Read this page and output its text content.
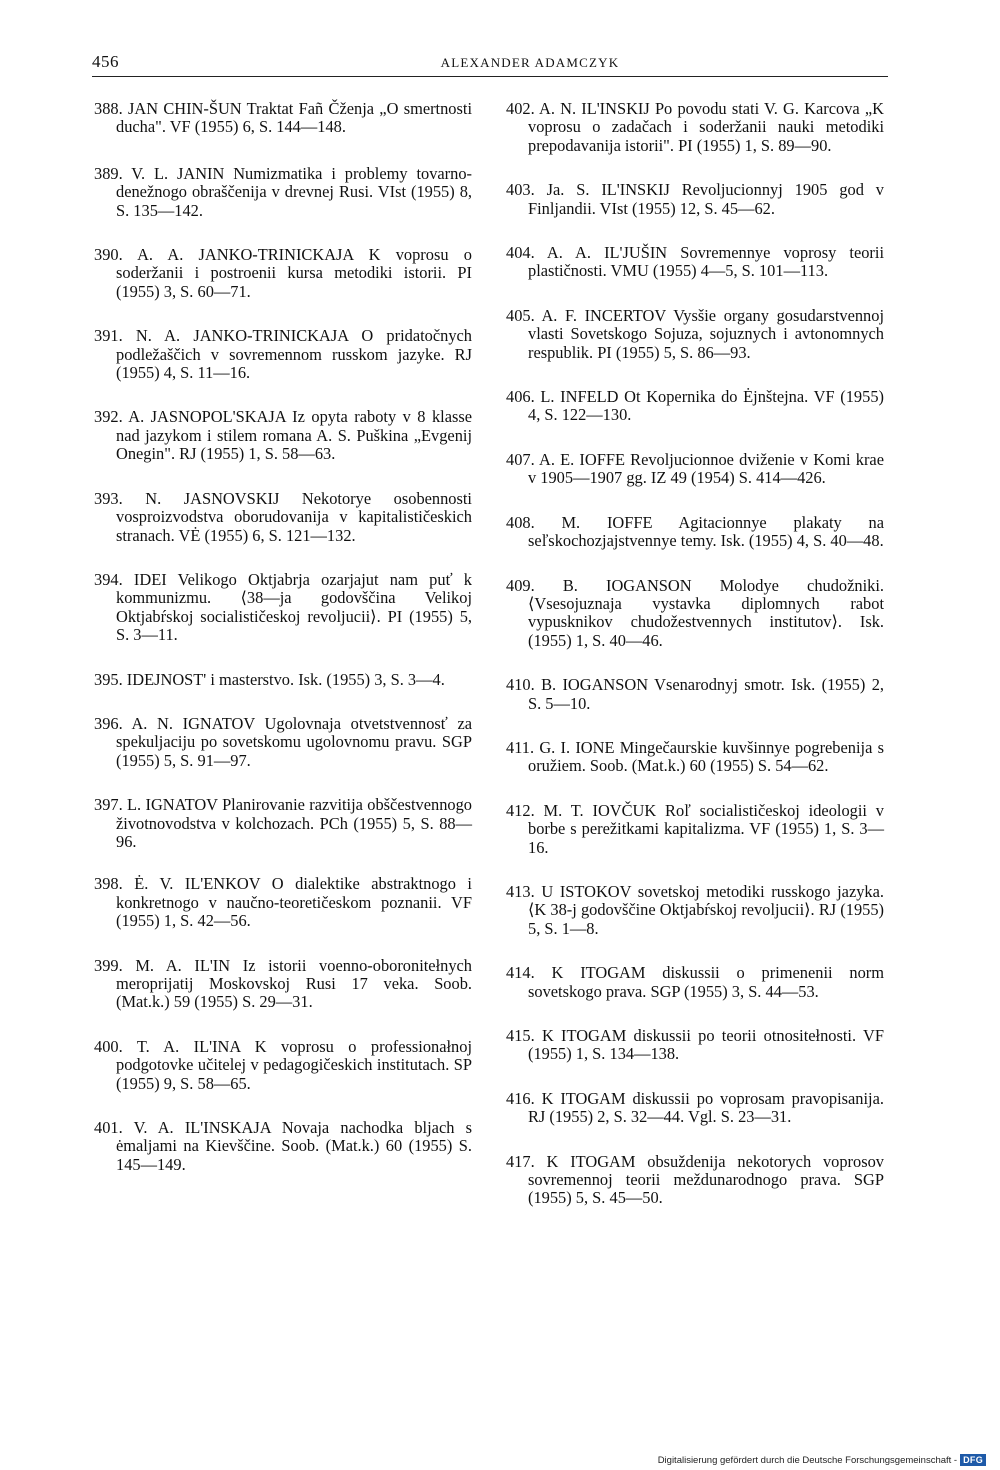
456	ALEXANDER ADAMCZYK

388. JAN CHIN-ŠUN Traktat Fañ Čženja „O smertnosti ducha". VF (1955) 6, S. 144—148.

389. V. L. JANIN Numizmatika i problemy tovarno-denežnogo obraščenija v drevnej Rusi. VIst (1955) 8, S. 135—142.

390. A. A. JANKO-TRINICKAJA K voprosu o soderžanii i postroenii kursa metodiki istorii. PI (1955) 3, S. 60—71.

391. N. A. JANKO-TRINICKAJA O pridatočnych podležaščich v sovremennom russkom jazyke. RJ (1955) 4, S. 11—16.

392. A. JASNOPOL'SKAJA Iz opyta raboty v 8 klasse nad jazykom i stilem romana A. S. Puškina „Evgenij Onegin". RJ (1955) 1, S. 58—63.

393. N. JASNOVSKIJ Nekotorye osobennosti vosproizvodstva oborudovanija v kapitalističeskich stranach. VĖ (1955) 6, S. 121—132.

394. IDEI Velikogo Oktjabrja ozarjajut nam puť k kommunizmu. ⟨38—ja godovščina Velikoj Oktjabŕskoj socialističeskoj revoljucii⟩. PI (1955) 5, S. 3—11.

395. IDEJNOST' i masterstvo. Isk. (1955) 3, S. 3—4.

396. A. N. IGNATOV Ugolovnaja otvetstvennosť za spekuljaciju po sovetskomu ugolovnomu pravu. SGP (1955) 5, S. 91—97.

397. L. IGNATOV Planirovanie razvitija obščestvennogo životnovodstva v kolchozach. PCh (1955) 5, S. 88—96.

398. Ė. V. IL'ENKOV O dialektike abstraktnogo i konkretnogo v naučno-teoretičeskom poznanii. VF (1955) 1, S. 42—56.

399. M. A. IL'IN Iz istorii voenno-oboronitełnych meroprijatij Moskovskoj Rusi 17 veka. Soob. (Mat.k.) 59 (1955) S. 29—31.

400. T. A. IL'INA K voprosu o professionałnoj podgotovke učitelej v pedagogičeskich institutach. SP (1955) 9, S. 58—65.

401. V. A. IL'INSKAJA Novaja nachodka bljach s ėmaljami na Kievščine. Soob. (Mat.k.) 60 (1955) S. 145—149.

402. A. N. IL'INSKIJ Po povodu stati V. G. Karcova „K voprosu o zadačach i soderžanii nauki metodiki prepodavanija istorii". PI (1955) 1, S. 89—90.

403. Ja. S. IL'INSKIJ Revoljucionnyj 1905 god v Finljandii. VIst (1955) 12, S. 45—62.

404. A. A. IL'JUŠIN Sovremennye voprosy teorii plastičnosti. VMU (1955) 4—5, S. 101—113.

405. A. F. INCERTOV Vysšie organy gosudarstvennoj vlasti Sovetskogo Sojuza, sojuznych i avtonomnych respublik. PI (1955) 5, S. 86—93.

406. L. INFELD Ot Kopernika do Ėjnštejna. VF (1955) 4, S. 122—130.

407. A. E. IOFFE Revoljucionnoe dviženie v Komi krae v 1905—1907 gg. IZ 49 (1954) S. 414—426.

408. M. IOFFE Agitacionnye plakaty na seľskochozjajstvennye temy. Isk. (1955) 4, S. 40—48.

409. B. IOGANSON Molodye chudožniki. ⟨Vsesojuznaja vystavka diplomnych rabot vypusknikov chudožestvennych institutov⟩. Isk. (1955) 1, S. 40—46.

410. B. IOGANSON Vsenarodnyj smotr. Isk. (1955) 2, S. 5—10.

411. G. I. IONE Mingečaurskie kuvšinnye pogrebenija s oružiem. Soob. (Mat.k.) 60 (1955) S. 54—62.

412. M. T. IOVČUK Roľ socialističeskoj ideologii v borbe s perežitkami kapitalizma. VF (1955) 1, S. 3—16.

413. U ISTOKOV sovetskoj metodiki russkogo jazyka. ⟨K 38-j godovščine Oktjabŕskoj revoljucii⟩. RJ (1955) 5, S. 1—8.

414. K ITOGAM diskussii o primenenii norm sovetskogo prava. SGP (1955) 3, S. 44—53.

415. K ITOGAM diskussii po teorii otnositełnosti. VF (1955) 1, S. 134—138.

416. K ITOGAM diskussii po voprosam pravopisanija. RJ (1955) 2, S. 32—44. Vgl. S. 23—31.

417. K ITOGAM obsuždenija nekotorych voprosov sovremennoj teorii meždunarodnogo prava. SGP (1955) 5, S. 45—50.

Digitalisierung gefördert durch die Deutsche Forschungsgemeinschaft - DFG
